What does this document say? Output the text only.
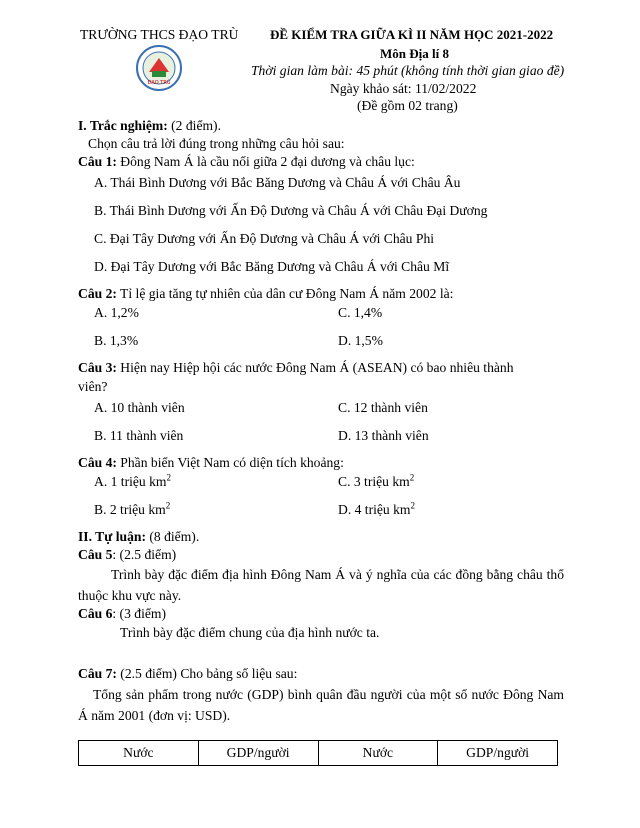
TRƯỜNG THCS ĐẠO TRÙ
ĐẠO TRÙ
ĐỀ KIỂM TRA GIỮA KÌ II NĂM HỌC 2021-2022
Môn Địa lí 8
Thời gian làm bài: 45 phút (không tính thời gian giao đề)
Ngày khảo sát: 11/02/2022
(Đề gồm 02 trang)
I. Trắc nghiệm: (2 điểm).
Chọn câu trả lời đúng trong những câu hỏi sau:
Câu 1: Đông Nam Á là cầu nối giữa 2 đại dương và châu lục:
A. Thái Bình Dương với Bắc Băng Dương và Châu Á với Châu Âu
B. Thái Bình Dương với Ấn Độ Dương và Châu Á với Châu Đại Dương
C. Đại Tây Dương với Ấn Độ Dương và Châu Á với Châu Phi
D. Đại Tây Dương với Bắc Băng Dương và Châu Á với Châu Mĩ
Câu 2: Tỉ lệ gia tăng tự nhiên của dân cư Đông Nam Á năm 2002 là:
A. 1,2%	C. 1,4%
B. 1,3%	D. 1,5%
Câu 3: Hiện nay Hiệp hội các nước Đông Nam Á (ASEAN) có bao nhiêu thành
viên?
A. 10 thành viên	C. 12 thành viên
B. 11 thành viên	D. 13 thành viên
Câu 4: Phần biển Việt Nam có diện tích khoảng:
A. 1 triệu $km^2$	C. 3 triệu $km^2$
B. 2 triệu $km^2$	D. 4 triệu $km^2$
II. Tự luận: (8 điểm).
Câu 5: (2.5 điểm)
Trình bày đặc điểm địa hình Đông Nam Á và ý nghĩa của các đồng bằng châu thổ thuộc khu vực này.
Câu 6: (3 điểm)
Trình bày đặc điểm chung của địa hình nước ta.
Câu 7: (2.5 điểm) Cho bảng số liệu sau:
Tổng sản phẩm trong nước (GDP) bình quân đầu người của một số nước Đông Nam Á năm 2001 (đơn vị: USD).
Nước	GDP/người	Nước	GDP/người
